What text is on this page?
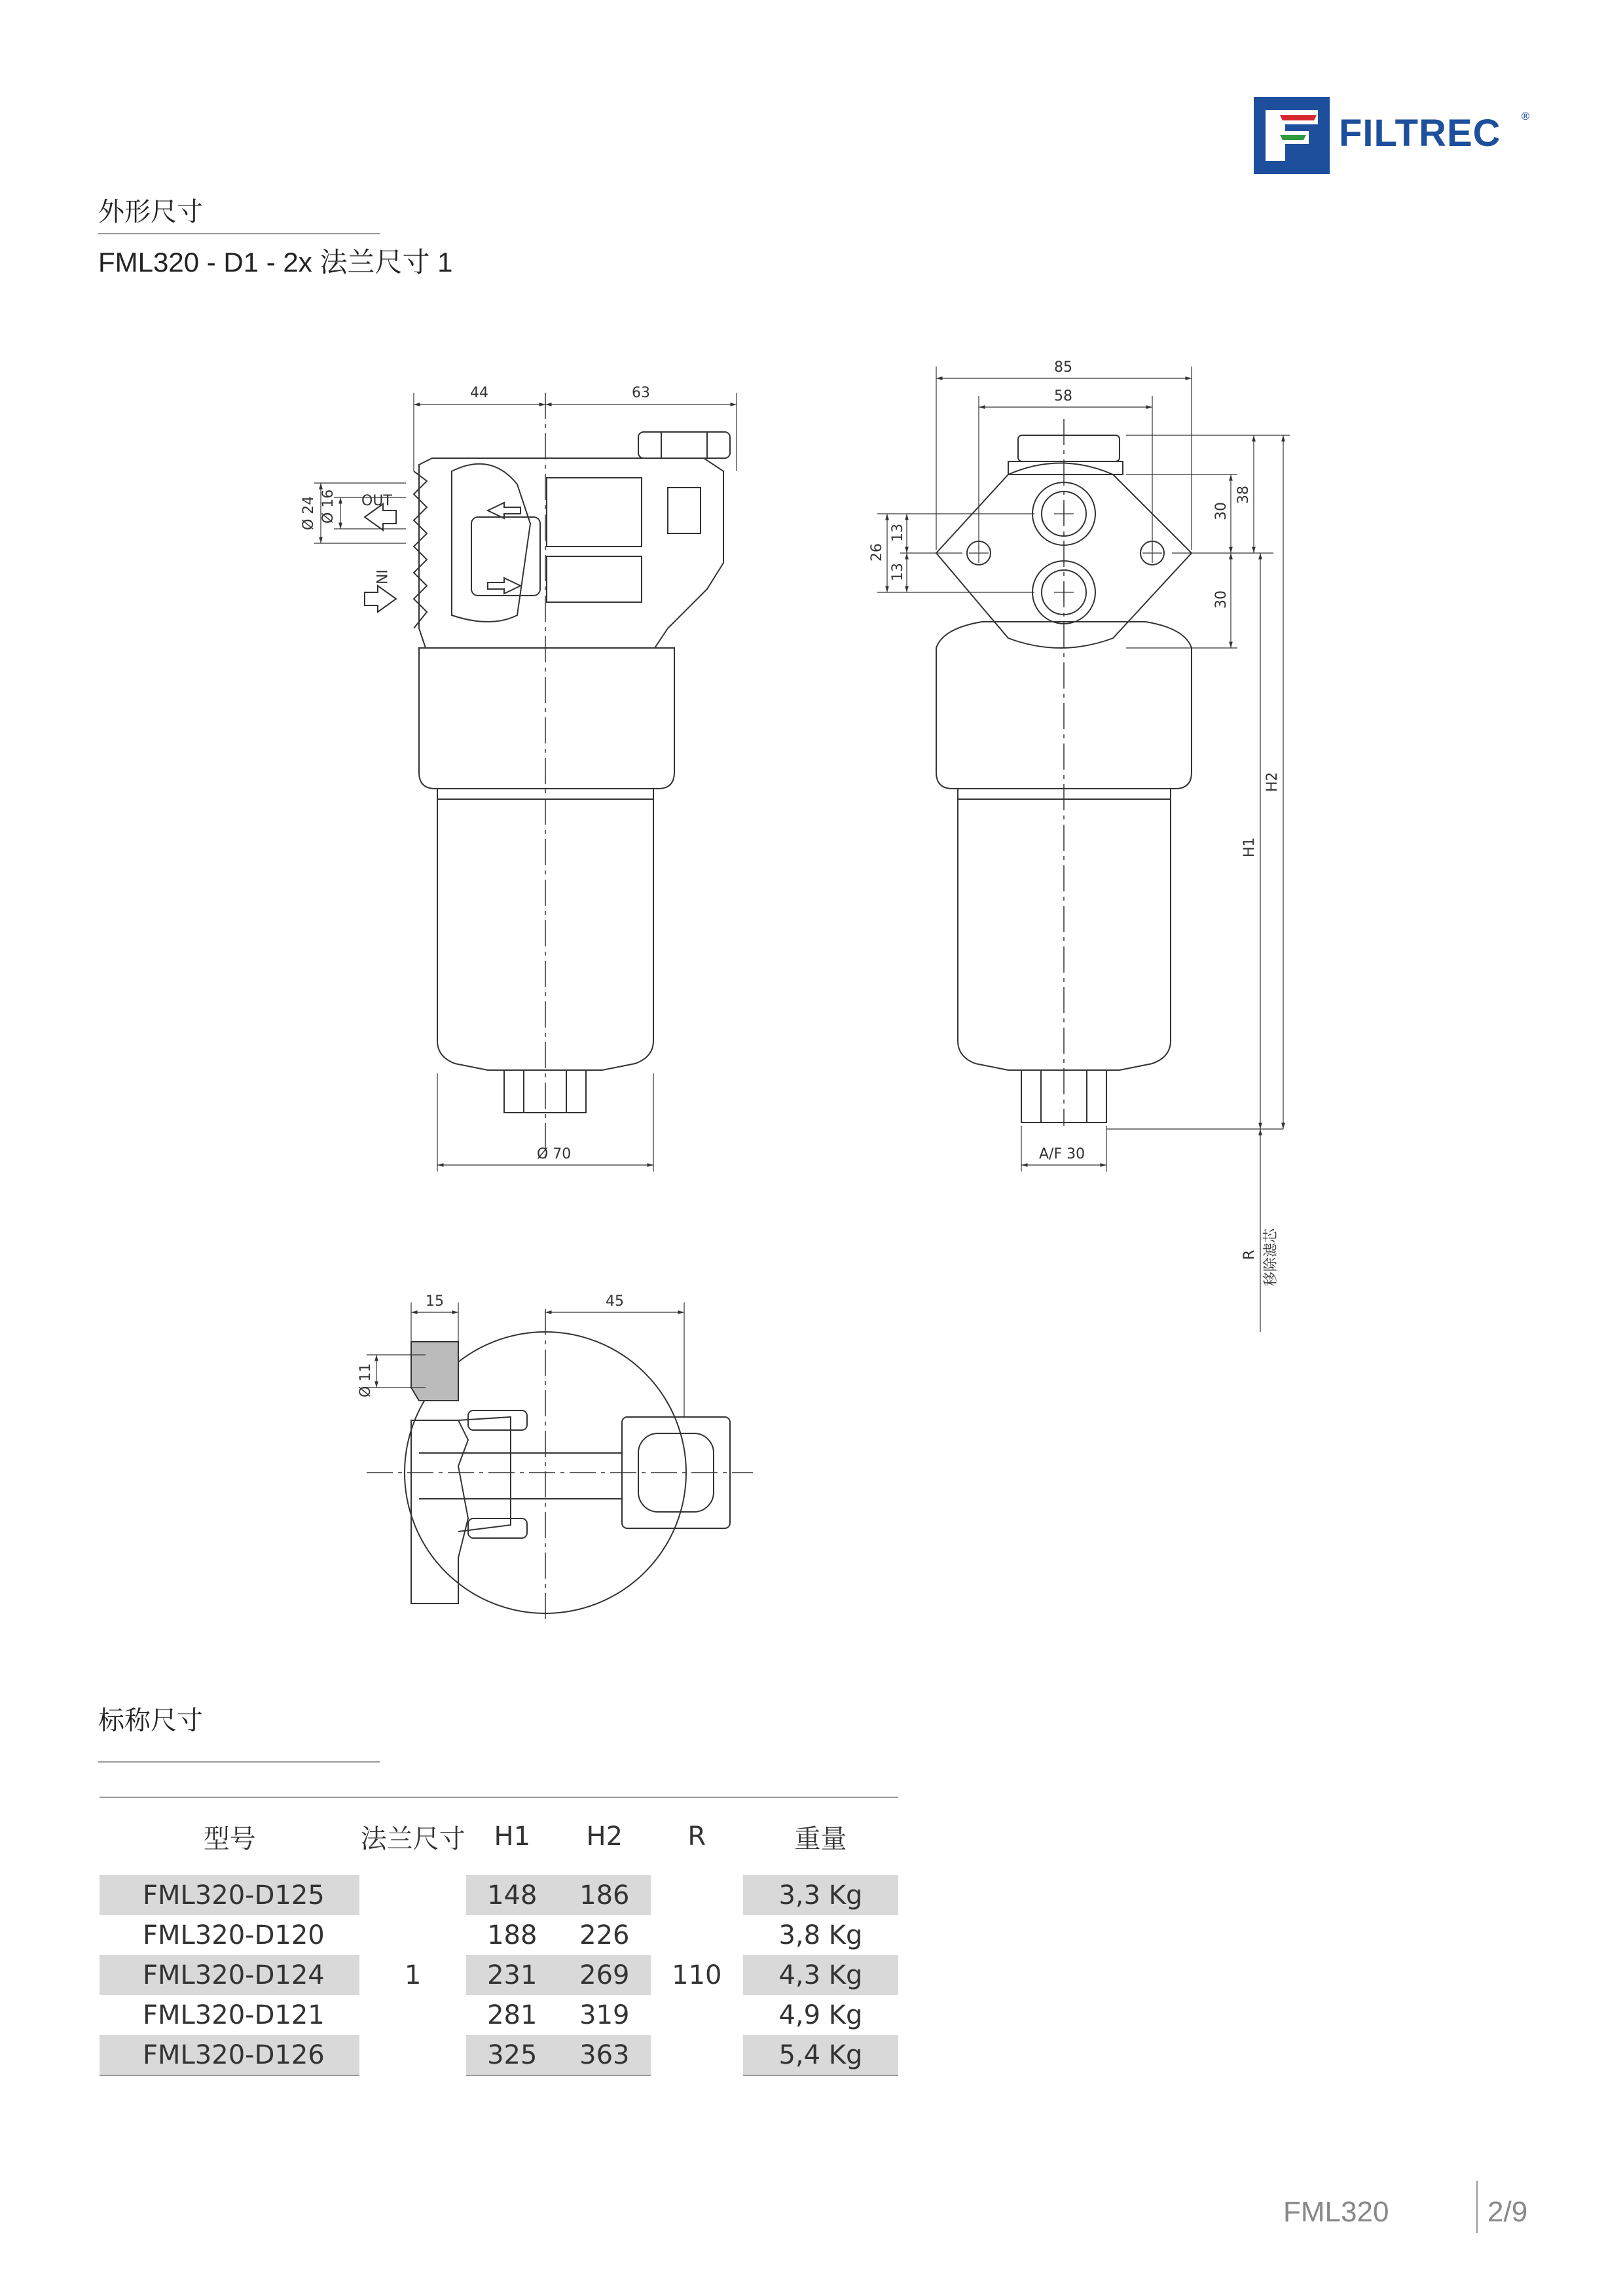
FILTREC ®
外形尺寸
FML320 - D1 - 2x 法兰尺寸 1
44	63
Ø 24 Ø 16 OUT
IN
Ø 70
85
58
26
13
13
30
38
30
H1
H2
R 移除滤芯
A/F 30
15	45
Ø 11
标称尺寸
型号	法兰尺寸	H1	H2	R	重量
FML320-D125	1	148	186	110	3,3 Kg
FML320-D120		188	226		3,8 Kg
FML320-D124		231	269		4,3 Kg
FML320-D121		281	319		4,9 Kg
FML320-D126		325	363		5,4 Kg
FML320	2/9
